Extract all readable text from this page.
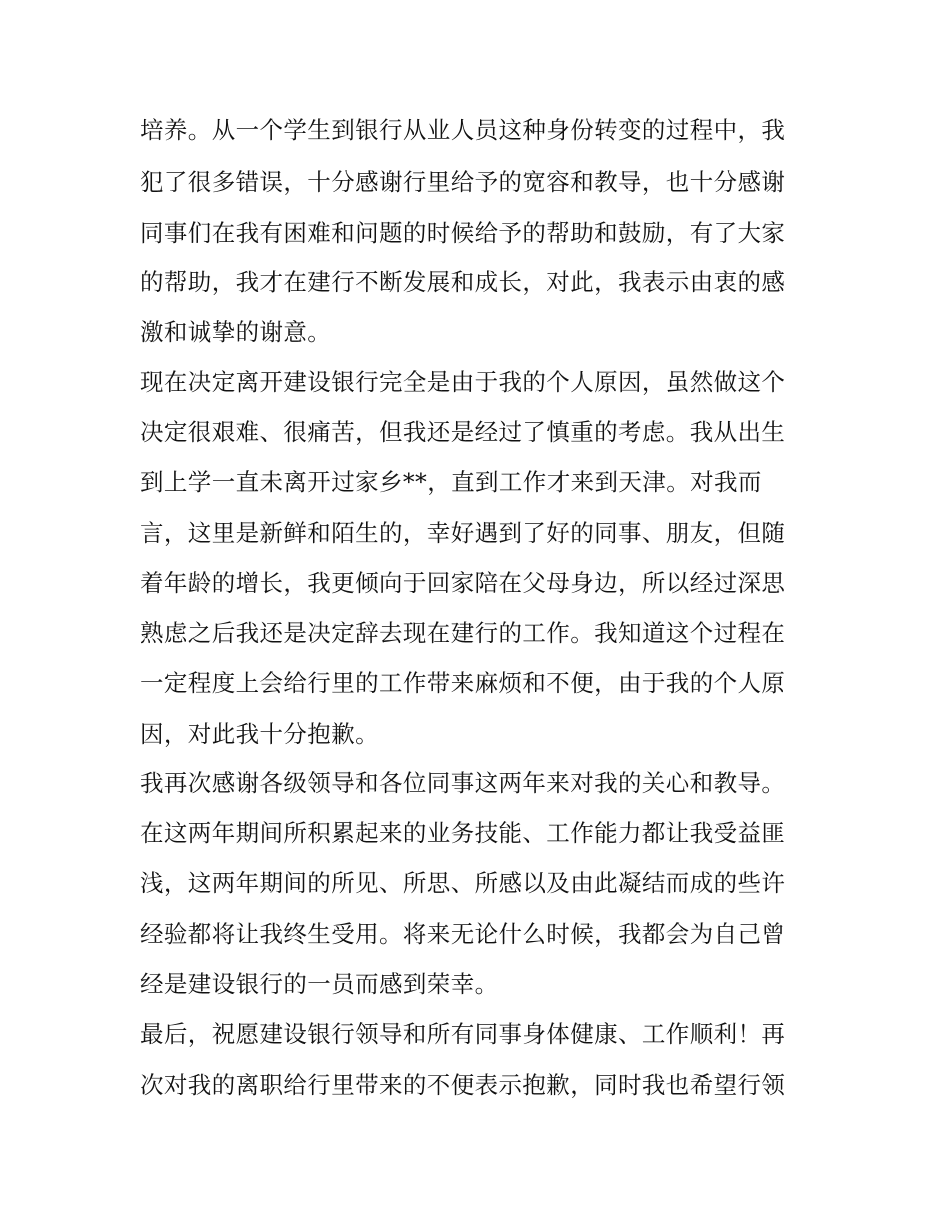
培养。从一个学生到银行从业人员这种身份转变的过程中，我
犯了很多错误，十分感谢行里给予的宽容和教导，也十分感谢
同事们在我有困难和问题的时候给予的帮助和鼓励，有了大家
的帮助，我才在建行不断发展和成长，对此，我表示由衷的感
激和诚挚的谢意。
现在决定离开建设银行完全是由于我的个人原因，虽然做这个
决定很艰难、很痛苦，但我还是经过了慎重的考虑。我从出生
到上学一直未离开过家乡**，直到工作才来到天津。对我而
言，这里是新鲜和陌生的，幸好遇到了好的同事、朋友，但随
着年龄的增长，我更倾向于回家陪在父母身边，所以经过深思
熟虑之后我还是决定辞去现在建行的工作。我知道这个过程在
一定程度上会给行里的工作带来麻烦和不便，由于我的个人原
因，对此我十分抱歉。
我再次感谢各级领导和各位同事这两年来对我的关心和教导。
在这两年期间所积累起来的业务技能、工作能力都让我受益匪
浅，这两年期间的所见、所思、所感以及由此凝结而成的些许
经验都将让我终生受用。将来无论什么时候，我都会为自己曾
经是建设银行的一员而感到荣幸。
最后，祝愿建设银行领导和所有同事身体健康、工作顺利！再
次对我的离职给行里带来的不便表示抱歉，同时我也希望行领
